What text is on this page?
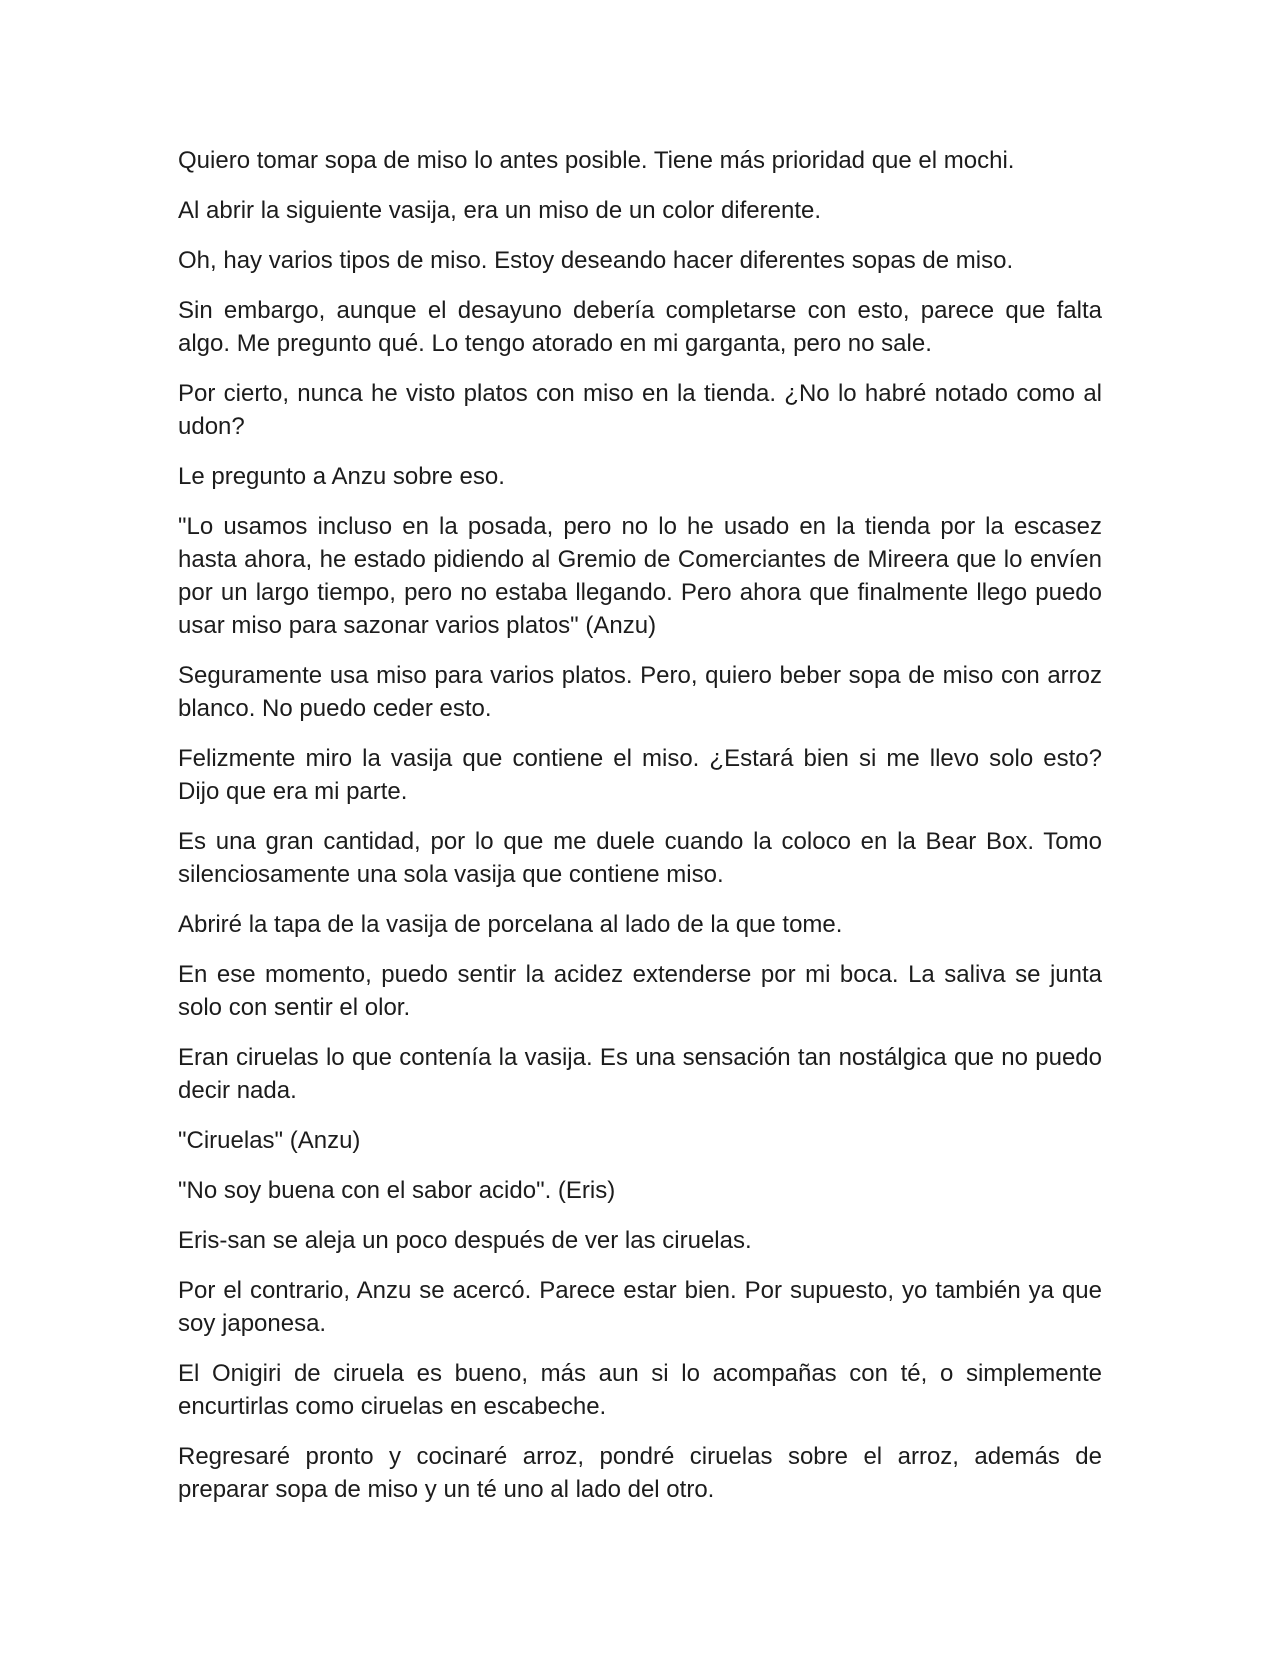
Quiero tomar sopa de miso lo antes posible. Tiene más prioridad que el mochi.

Al abrir la siguiente vasija, era un miso de un color diferente.

Oh, hay varios tipos de miso. Estoy deseando hacer diferentes sopas de miso.

Sin embargo, aunque el desayuno debería completarse con esto, parece que falta algo. Me pregunto qué. Lo tengo atorado en mi garganta, pero no sale.

Por cierto, nunca he visto platos con miso en la tienda. ¿No lo habré notado como al udon?

Le pregunto a Anzu sobre eso.

"Lo usamos incluso en la posada, pero no lo he usado en la tienda por la escasez hasta ahora, he estado pidiendo al Gremio de Comerciantes de Mireera que lo envíen por un largo tiempo, pero no estaba llegando. Pero ahora que finalmente llego puedo usar miso para sazonar varios platos" (Anzu)

Seguramente usa miso para varios platos. Pero, quiero beber sopa de miso con arroz blanco. No puedo ceder esto.

Felizmente miro la vasija que contiene el miso. ¿Estará bien si me llevo solo esto? Dijo que era mi parte.

Es una gran cantidad, por lo que me duele cuando la coloco en la Bear Box. Tomo silenciosamente una sola vasija que contiene miso.

Abriré la tapa de la vasija de porcelana al lado de la que tome.

En ese momento, puedo sentir la acidez extenderse por mi boca. La saliva se junta solo con sentir el olor.

Eran ciruelas lo que contenía la vasija. Es una sensación tan nostálgica que no puedo decir nada.

"Ciruelas" (Anzu)

"No soy buena con el sabor acido". (Eris)

Eris-san se aleja un poco después de ver las ciruelas.

Por el contrario, Anzu se acercó. Parece estar bien. Por supuesto, yo también ya que soy japonesa.

El Onigiri de ciruela es bueno, más aun si lo acompañas con té, o simplemente encurtirlas como ciruelas en escabeche.

Regresaré pronto y cocinaré arroz, pondré ciruelas sobre el arroz, además de preparar sopa de miso y un té uno al lado del otro.
